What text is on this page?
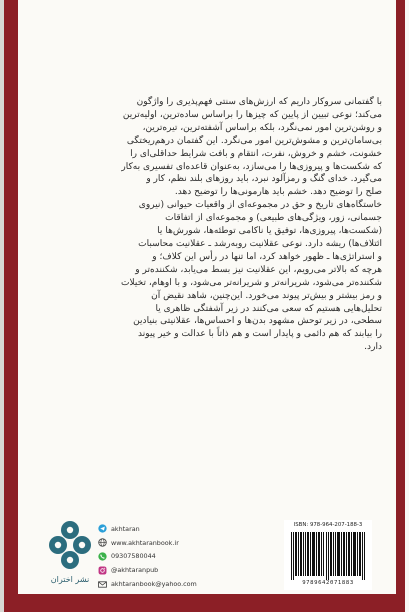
با گفتمانی سروکار داریم که ارزش‌های سنتی فهم‌پذیری را واژگون
می‌کند؛ نوعی تبیین از پایین که چیزها را براساس ساده‌ترین، اولیه‌ترین
و روشن‌ترین امور نمی‌نگرد، بلکه براساس آشفته‌ترین، تیره‌ترین،
بی‌سامان‌ترین و مشوش‌ترین امور می‌نگرد. این گفتمان درهم‌ریختگی
خشونت، خشم و خروش، نفرت، انتقام و بافت شرایط حداقلی‌ای را
که شکست‌ها و پیروزی‌ها را می‌سازد، به‌عنوان قاعده‌ای تفسیری به‌کار
می‌گیرد. خدای گنگ و رمزآلود نبرد، باید روزهای بلند نظم، کار و
صلح را توضیح دهد. خشم باید هارمونی‌ها را توضیح دهد.
خاستگاه‌های تاریخ و حق در مجموعه‌ای از واقعیات حیوانی (نیروی
جسمانی، زور، ویژگی‌های طبیعی) و مجموعه‌ای از اتفاقات
(شکست‌ها، پیروزی‌ها، توفیق یا ناکامی توطئه‌ها، شورش‌ها یا
ائتلاف‌ها) ریشه دارد. نوعی عقلانیت رو‌به‌رشد ـ عقلانیت محاسبات
و استراتژی‌ها ـ ظهور خواهد کرد، اما تنها در رأس این کلاف؛ و
هرچه که بالاتر می‌رویم، این عقلانیت نیز بسط می‌یابد، شکننده‌تر و
شکننده‌تر می‌شود، شریرانه‌تر و شریرانه‌تر می‌شود، و با اوهام، تخیلات
و رمز بیشتر و بیش‌تر پیوند می‌خورد. این‌چنین، شاهد نقیض آن
تحلیل‌هایی هستیم که سعی می‌کنند در زیر آشفتگی ظاهری یا
سطحی، در زیر توحش مشهود بدن‌ها و احساس‌ها، عقلانیتی بنیادین
را بیابند که هم دائمی و پایدار است و هم ذاتاً با عدالت و خیر پیوند
دارد.
نشر اختران
akhtaran
www.akhtaranbook.ir
09307580044
@akhtaranpub
akhtaranbook@yahoo.com
ISBN: 978-964-207-188-3
9789642071883
